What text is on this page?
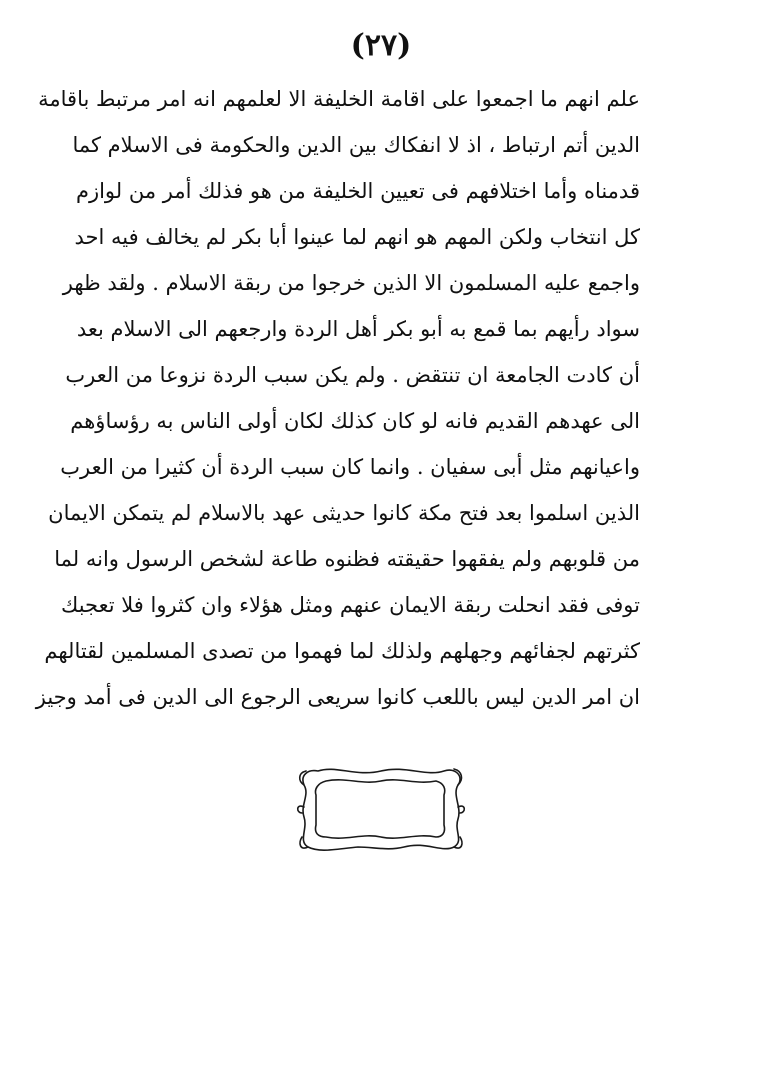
(٢٧)
علم انهم ما اجمعوا على اقامة الخليفة الا لعلمهم انه امر مرتبط باقامة
الدين أتم ارتباط ، اذ لا انفكاك بين الدين والحكومة فى الاسلام كما
قدمناه وأما اختلافهم فى تعيين الخليفة من هو فذلك أمر من لوازم
كل انتخاب ولكن المهم هو انهم لما عينوا أبا بكر لم يخالف فيه احد
واجمع عليه المسلمون الا الذين خرجوا من ربقة الاسلام . ولقد ظهر
سواد رأيهم بما قمع به أبو بكر أهل الردة وارجعهم الى الاسلام بعد
أن كادت الجامعة ان تنتقض . ولم يكن سبب الردة نزوعا من العرب
الى عهدهم القديم فانه لو كان كذلك لكان أولى الناس به رؤساؤهم
واعيانهم مثل أبى سفيان . وانما كان سبب الردة أن كثيرا من العرب
الذين اسلموا بعد فتح مكة كانوا حديثى عهد بالاسلام لم يتمكن الايمان
من قلوبهم ولم يفقهوا حقيقته فظنوه طاعة لشخص الرسول وانه لما
توفى فقد انحلت ربقة الايمان عنهم ومثل هؤلاء وان كثروا فلا تعجبك
كثرتهم لجفائهم وجهلهم ولذلك لما فهموا من تصدى المسلمين لقتالهم
ان امر الدين ليس باللعب كانوا سريعى الرجوع الى الدين فى أمد وجيز
